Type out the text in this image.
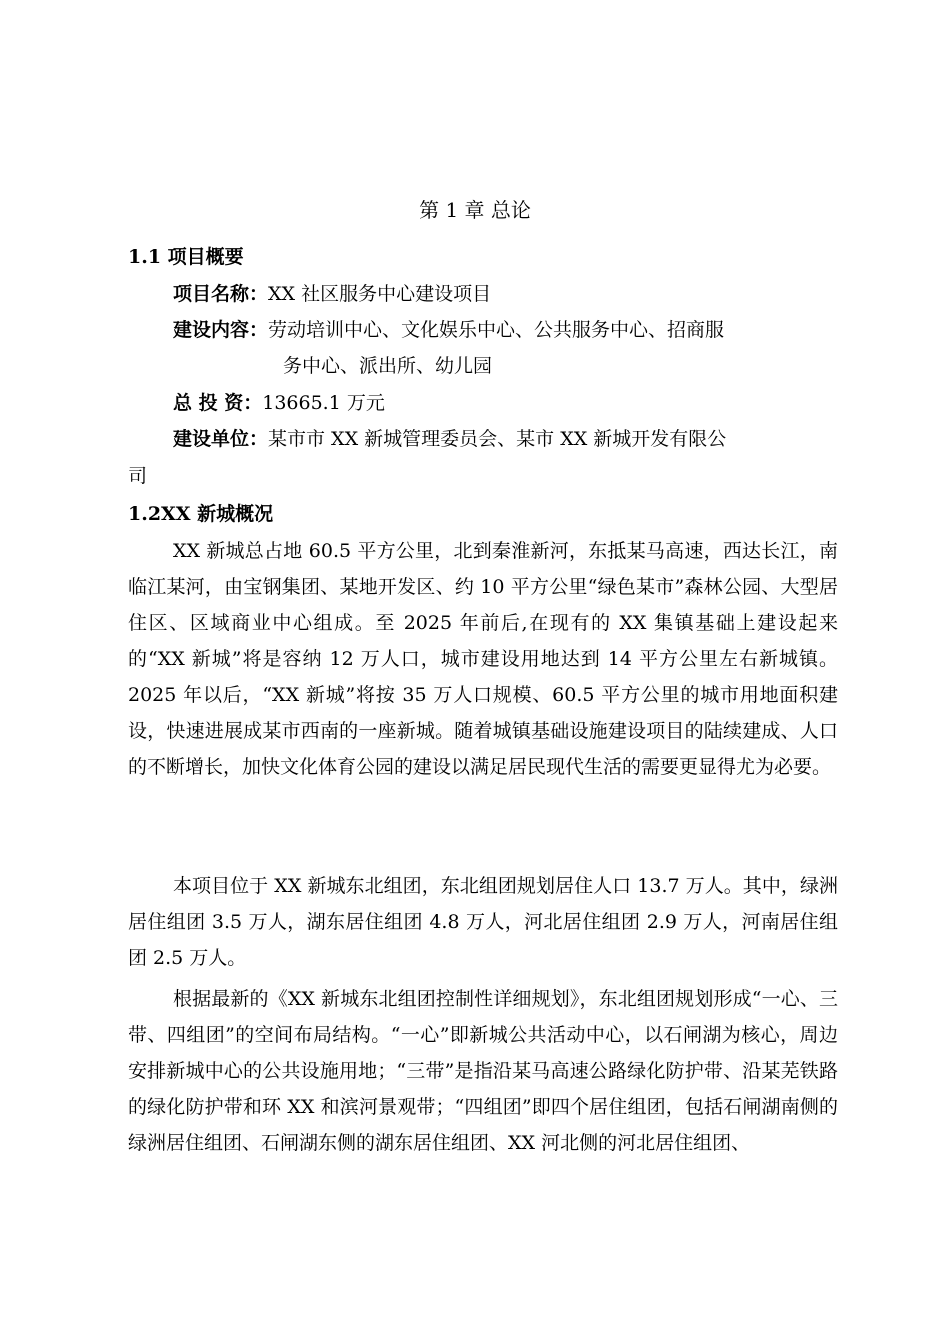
第 1 章 总论
1.1 项目概要
项目名称：XX 社区服务中心建设项目
建设内容：劳动培训中心、文化娱乐中心、公共服务中心、招商服
务中心、派出所、幼儿园
总 投 资：13665.1 万元
建设单位：某市市 XX 新城管理委员会、某市 XX 新城开发有限公
司
1.2XX 新城概况

XX 新城总占地 60.5 平方公里，北到秦淮新河，东抵某马高速，西达长江，南临江某河，由宝钢集团、某地开发区、约 10 平方公里“绿色某市”森林公园、大型居住区、区域商业中心组成。至 2025 年前后,在现有的 XX 集镇基础上建设起来的“XX 新城”将是容纳 12 万人口，城市建设用地达到 14 平方公里左右新城镇。2025 年以后，“XX 新城”将按 35 万人口规模、60.5 平方公里的城市用地面积建设，快速进展成某市西南的一座新城。随着城镇基础设施建设项目的陆续建成、人口的不断增长，加快文化体育公园的建设以满足居民现代生活的需要更显得尤为必要。

本项目位于 XX 新城东北组团，东北组团规划居住人口 13.7 万人。其中，绿洲居住组团 3.5 万人，湖东居住组团 4.8 万人，河北居住组团 2.9 万人，河南居住组团 2.5 万人。

根据最新的《XX 新城东北组团控制性详细规划》，东北组团规划形成“一心、三带、四组团”的空间布局结构。“一心”即新城公共活动中心，以石闸湖为核心，周边安排新城中心的公共设施用地；“三带”是指沿某马高速公路绿化防护带、沿某芜铁路的绿化防护带和环 XX 和滨河景观带；“四组团”即四个居住组团，包括石闸湖南侧的绿洲居住组团、石闸湖东侧的湖东居住组团、XX 河北侧的河北居住组团、
